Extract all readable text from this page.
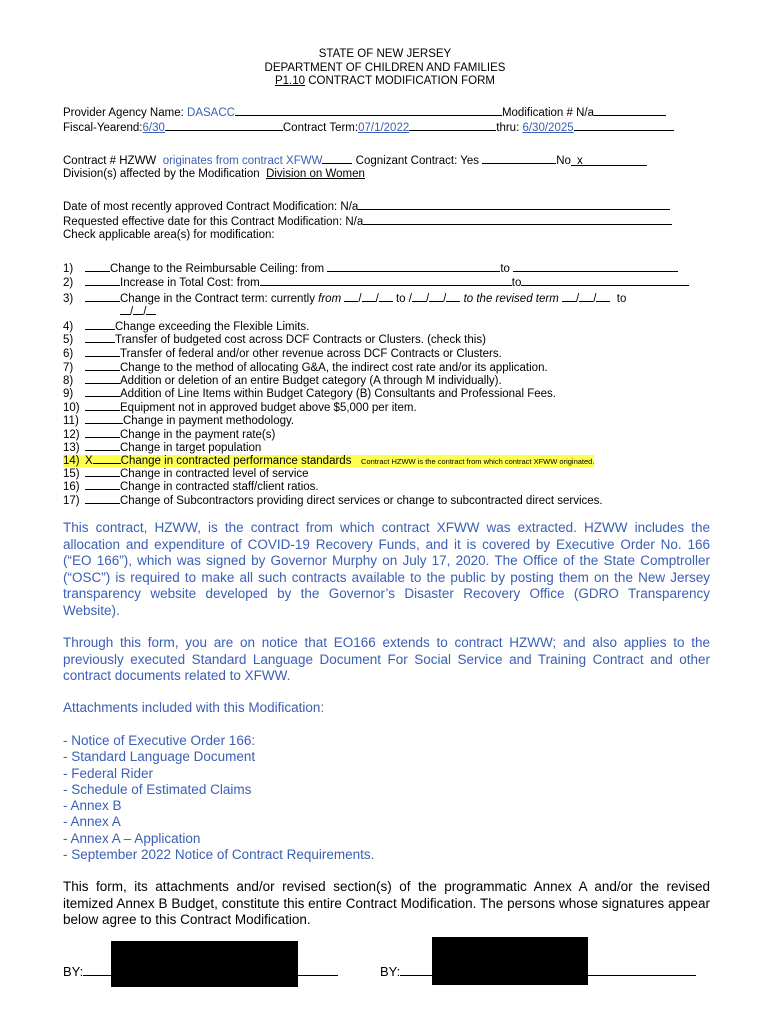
STATE OF NEW JERSEY
DEPARTMENT OF CHILDREN AND FAMILIES
P1.10 CONTRACT MODIFICATION FORM
Provider Agency Name: DASACC	Modification # N/a
Fiscal-Yearend:6/30	Contract Term:07/1/2022	thru: 6/30/2025
Contract # HZWW originates from contract XFWW	Cognizant Contract: Yes	No x
Division(s) affected by the Modification Division on Women
Date of most recently approved Contract Modification: N/a
Requested effective date for this Contract Modification: N/a
Check applicable area(s) for modification:
1)	Change to the Reimbursable Ceiling: from	to
2)	Increase in Total Cost: from	to
3)	Change in the Contract term: currently from / / to / / / to the revised term / / to
/ /
4)	Change exceeding the Flexible Limits.
5)	Transfer of budgeted cost across DCF Contracts or Clusters. (check this)
6)	Transfer of federal and/or other revenue across DCF Contracts or Clusters.
7)	Change to the method of allocating G&A, the indirect cost rate and/or its application.
8)	Addition or deletion of an entire Budget category (A through M individually).
9)	Addition of Line Items within Budget Category (B) Consultants and Professional Fees.
10)	Equipment not in approved budget above $5,000 per item.
11)	Change in payment methodology.
12)	Change in the payment rate(s)
13)	Change in target population
14) X Change in contracted performance standards Contract HZWW is the contract from which contract XFWW originated.
15)	Change in contracted level of service
16)	Change in contracted staff/client ratios.
17)	Change of Subcontractors providing direct services or change to subcontracted direct services.
This contract, HZWW, is the contract from which contract XFWW was extracted. HZWW includes the allocation and expenditure of COVID-19 Recovery Funds, and it is covered by Executive Order No. 166 (“EO 166”), which was signed by Governor Murphy on July 17, 2020. The Office of the State Comptroller (“OSC”) is required to make all such contracts available to the public by posting them on the New Jersey transparency website developed by the Governor’s Disaster Recovery Office (GDRO Transparency Website).
Through this form, you are on notice that EO166 extends to contract HZWW; and also applies to the previously executed Standard Language Document For Social Service and Training Contract and other contract documents related to XFWW.
Attachments included with this Modification:
- Notice of Executive Order 166:
- Standard Language Document
- Federal Rider
- Schedule of Estimated Claims
- Annex B
- Annex A
- Annex A – Application
- September 2022 Notice of Contract Requirements.
This form, its attachments and/or revised section(s) of the programmatic Annex A and/or the revised itemized Annex B Budget, constitute this entire Contract Modification. The persons whose signatures appear below agree to this Contract Modification.
BY:	BY:
